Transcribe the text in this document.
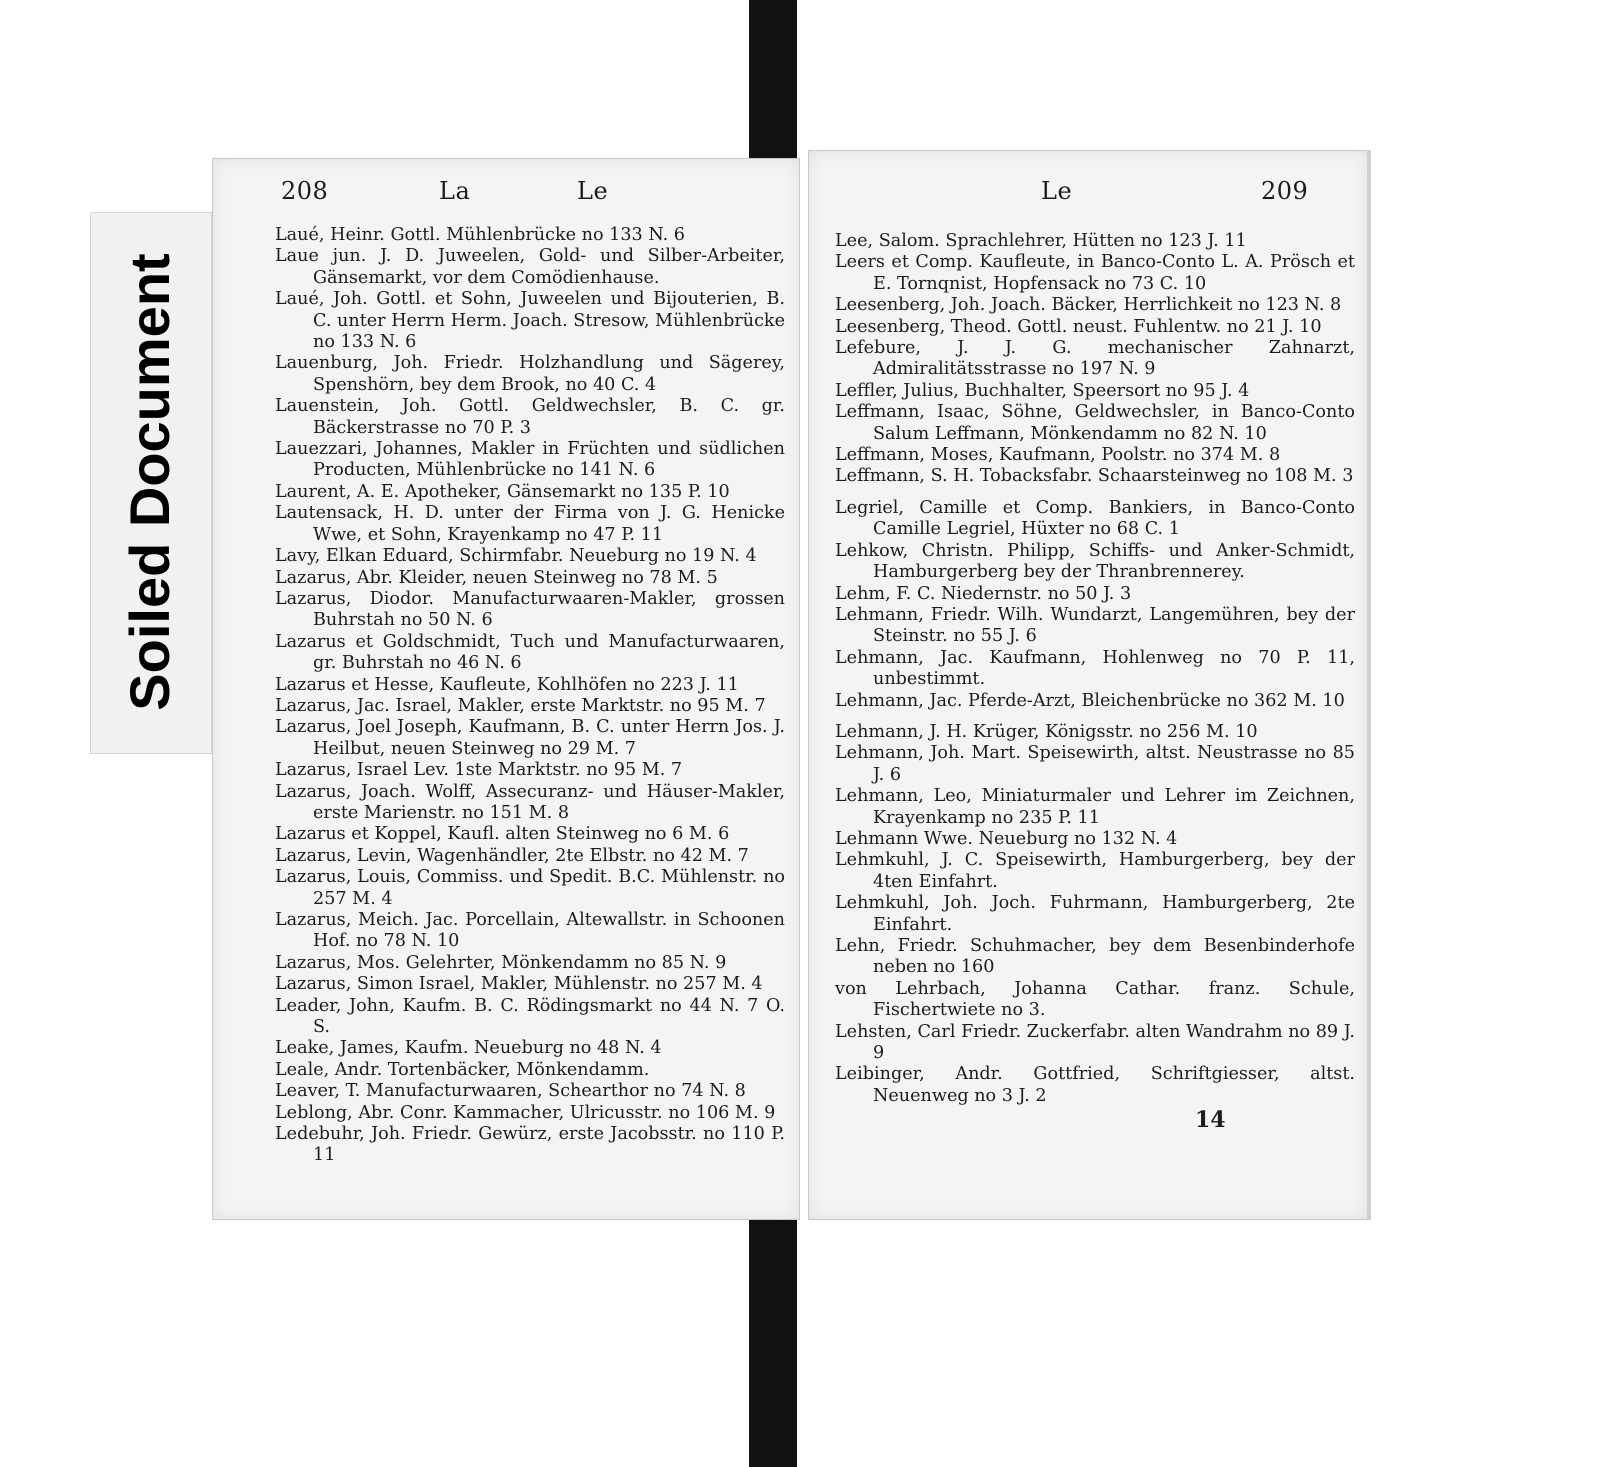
Soiled Document
208	La	Le

Laué, Heinr. Gottl. Mühlenbrücke no 133 N. 6

Laue jun. J. D. Juweelen, Gold- und Silber-Arbeiter, Gänsemarkt, vor dem Comödienhause.

Laué, Joh. Gottl. et Sohn, Juweelen und Bijouterien, B. C. unter Herrn Herm. Joach. Stresow, Mühlenbrücke no 133 N. 6

Lauenburg, Joh. Friedr. Holzhandlung und Sägerey, Spenshörn, bey dem Brook, no 40 C. 4

Lauenstein, Joh. Gottl. Geldwechsler, B. C. gr. Bäckerstrasse no 70 P. 3

Lauezzari, Johannes, Makler in Früchten und südlichen Producten, Mühlenbrücke no 141 N. 6

Laurent, A. E. Apotheker, Gänsemarkt no 135 P. 10

Lautensack, H. D. unter der Firma von J. G. Henicke Wwe, et Sohn, Krayenkamp no 47 P. 11

Lavy, Elkan Eduard, Schirmfabr. Neueburg no 19 N. 4

Lazarus, Abr. Kleider, neuen Steinweg no 78 M. 5

Lazarus, Diodor. Manufacturwaaren-Makler, grossen Buhrstah no 50 N. 6

Lazarus et Goldschmidt, Tuch und Manufacturwaaren, gr. Buhrstah no 46 N. 6

Lazarus et Hesse, Kaufleute, Kohlhöfen no 223 J. 11

Lazarus, Jac. Israel, Makler, erste Marktstr. no 95 M. 7

Lazarus, Joel Joseph, Kaufmann, B. C. unter Herrn Jos. J. Heilbut, neuen Steinweg no 29 M. 7

Lazarus, Israel Lev. 1ste Marktstr. no 95 M. 7

Lazarus, Joach. Wolff, Assecuranz- und Häuser-Makler, erste Marienstr. no 151 M. 8

Lazarus et Koppel, Kaufl. alten Steinweg no 6 M. 6

Lazarus, Levin, Wagenhändler, 2te Elbstr. no 42 M. 7

Lazarus, Louis, Commiss. und Spedit. B.C. Mühlenstr. no 257 M. 4

Lazarus, Meich. Jac. Porcellain, Altewallstr. in Schoonen Hof. no 78 N. 10

Lazarus, Mos. Gelehrter, Mönkendamm no 85 N. 9

Lazarus, Simon Israel, Makler, Mühlenstr. no 257 M. 4

Leader, John, Kaufm. B. C. Rödingsmarkt no 44 N. 7 O. S.

Leake, James, Kaufm. Neueburg no 48 N. 4

Leale, Andr. Tortenbäcker, Mönkendamm.

Leaver, T. Manufacturwaaren, Schearthor no 74 N. 8

Leblong, Abr. Conr. Kammacher, Ulricusstr. no 106 M. 9

Ledebuhr, Joh. Friedr. Gewürz, erste Jacobsstr. no 110 P. 11

Le	209

Lee, Salom. Sprachlehrer, Hütten no 123 J. 11

Leers et Comp. Kaufleute, in Banco-Conto L. A. Prösch et E. Tornqnist, Hopfensack no 73 C. 10

Leesenberg, Joh. Joach. Bäcker, Herrlichkeit no 123 N. 8

Leesenberg, Theod. Gottl. neust. Fuhlentw. no 21 J. 10

Lefebure, J. J. G. mechanischer Zahnarzt, Admiralitätsstrasse no 197 N. 9

Leffler, Julius, Buchhalter, Speersort no 95 J. 4

Leffmann, Isaac, Söhne, Geldwechsler, in Banco-Conto Salum Leffmann, Mönkendamm no 82 N. 10

Leffmann, Moses, Kaufmann, Poolstr. no 374 M. 8

Leffmann, S. H. Tobacksfabr. Schaarsteinweg no 108 M. 3

Legriel, Camille et Comp. Bankiers, in Banco-Conto Camille Legriel, Hüxter no 68 C. 1

Lehkow, Christn. Philipp, Schiffs- und Anker-Schmidt, Hamburgerberg bey der Thranbrennerey.

Lehm, F. C. Niedernstr. no 50 J. 3

Lehmann, Friedr. Wilh. Wundarzt, Langemühren, bey der Steinstr. no 55 J. 6

Lehmann, Jac. Kaufmann, Hohlenweg no 70 P. 11, unbestimmt.

Lehmann, Jac. Pferde-Arzt, Bleichenbrücke no 362 M. 10

Lehmann, J. H. Krüger, Königsstr. no 256 M. 10

Lehmann, Joh. Mart. Speisewirth, altst. Neustrasse no 85 J. 6

Lehmann, Leo, Miniaturmaler und Lehrer im Zeichnen, Krayenkamp no 235 P. 11

Lehmann Wwe. Neueburg no 132 N. 4

Lehmkuhl, J. C. Speisewirth, Hamburgerberg, bey der 4ten Einfahrt.

Lehmkuhl, Joh. Joch. Fuhrmann, Hamburgerberg, 2te Einfahrt.

Lehn, Friedr. Schuhmacher, bey dem Besenbinderhofe neben no 160

von Lehrbach, Johanna Cathar. franz. Schule, Fischertwiete no 3.

Lehsten, Carl Friedr. Zuckerfabr. alten Wandrahm no 89 J. 9

Leibinger, Andr. Gottfried, Schriftgiesser, altst. Neuenweg no 3 J. 2

14
